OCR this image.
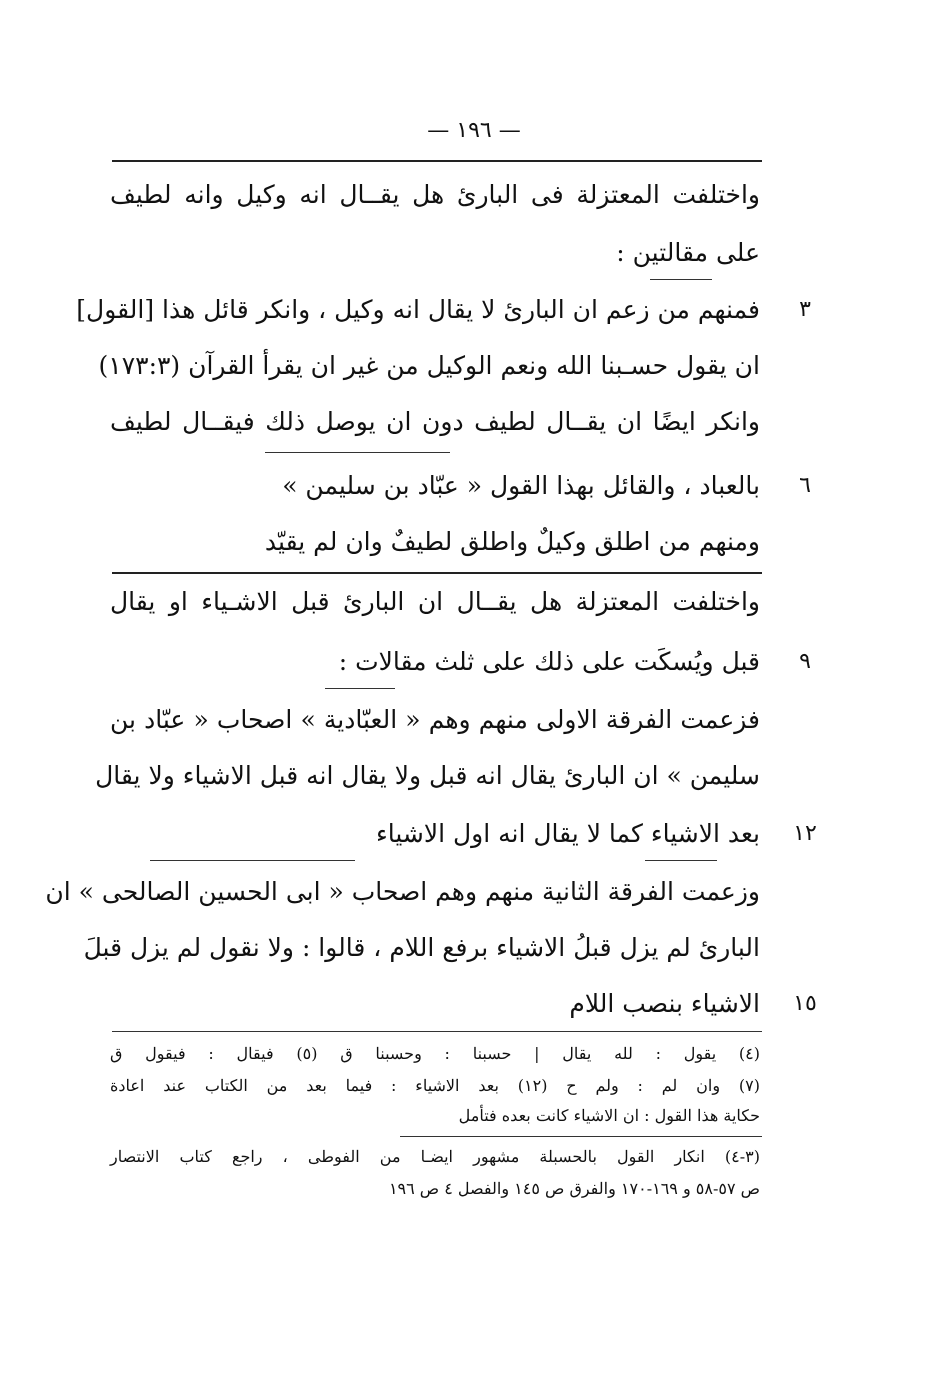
— ١٩٦ —
واختلفت المعتزلة فى البارئ هل يقــال انه وكيل وانه لطيف
على مقالتين :
فمنهم من زعم ان البارئ لا يقال انه وكيل ، وانكر قائل هذا [القول]	٣
ان يقول حسـبنا الله ونعم الوكيل من غير ان يقرأ القرآن (١٧٣:٣)
وانكر ايضًا ان يقــال لطيف دون ان يوصل ذلك فيقــال لطيف
بالعباد ، والقائل بهذا القول « عبّاد بن سليمن »	٦
ومنهم من اطلق وكيلٌ واطلق لطيفٌ وان لم يقيّد
واختلفت المعتزلة هل يقــال ان البارئ قبل الاشـياء او يقال
قبل ويُسكَت على ذلك على ثلث مقالات :	٩
فزعمت الفرقة الاولى منهم وهم « العبّادية » اصحاب « عبّاد بن
سليمن » ان البارئ يقال انه قبل ولا يقال انه قبل الاشياء ولا يقال
بعد الاشياء كما لا يقال انه اول الاشياء	١٢
وزعمت الفرقة الثانية منهم وهم اصحاب « ابى الحسين الصالحى » ان
البارئ لم يزل قبلُ الاشياء برفع اللام ، قالوا : ولا نقول لم يزل قبلَ
الاشياء بنصب اللام	١٥
(٤) يقول : لله يقال | حسبنا : وحسبنا ق (٥) فيقال : فيقول ق
(٧) وان لم : ولم ح (١٢) بعد الاشياء : فيما بعد من الكتاب عند اعادة
حكاية هذا القول : ان الاشياء كانت بعده فتأمل
(٣-٤) انكار القول بالحسبلة مشهور ايضـا من الفوطى ، راجع كتاب الانتصار
ص ٥٧-٥٨ و ١٦٩-١٧٠ والفرق ص ١٤٥ والفصل ٤ ص ١٩٦
